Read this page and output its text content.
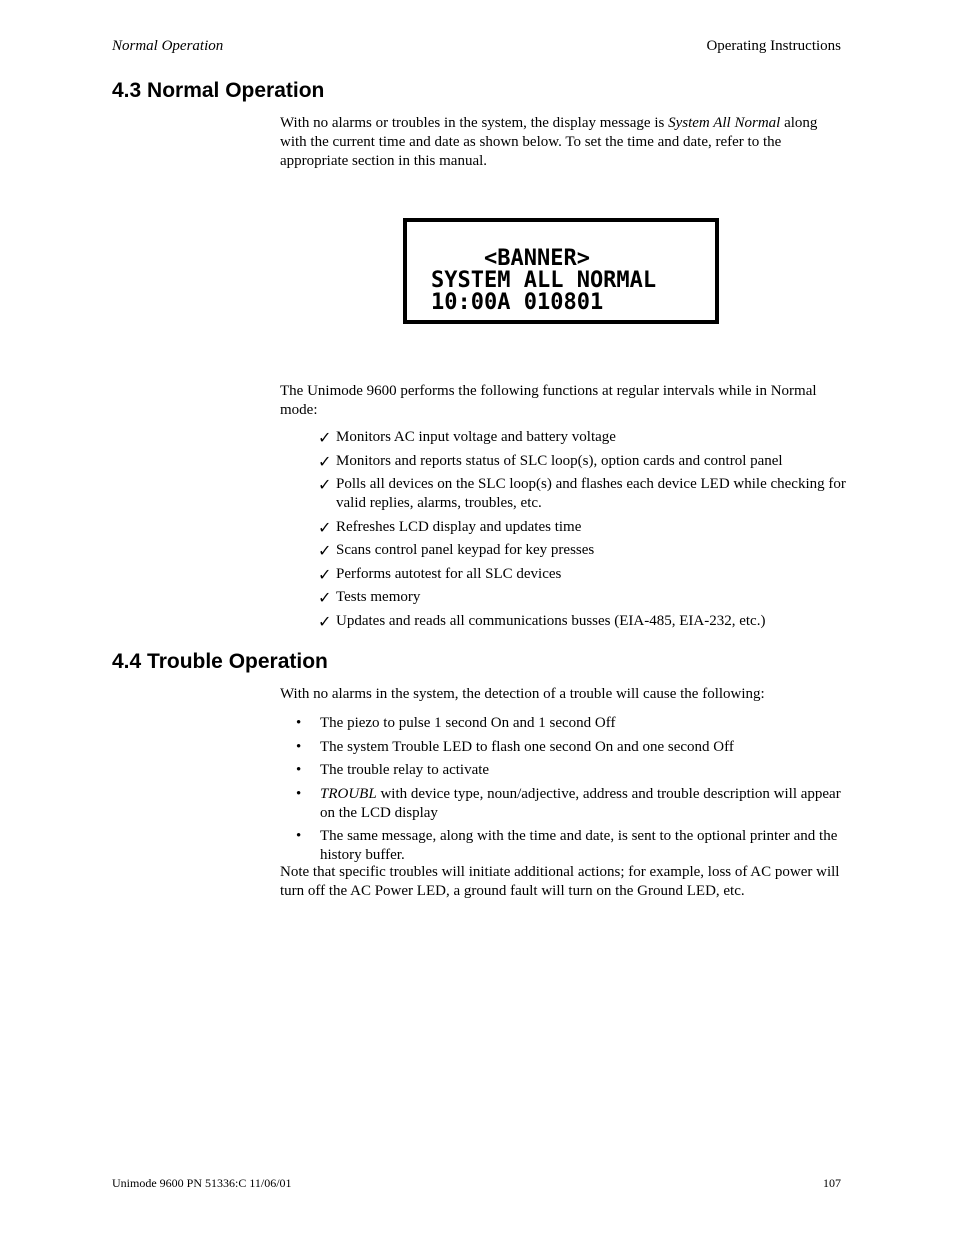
Normal Operation	Operating Instructions
4.3 Normal Operation
With no alarms or troubles in the system, the display message is System All Normal along with the current time and date as shown below. To set the time and date, refer to the appropriate section in this manual.
<BANNER>
SYSTEM ALL NORMAL
10:00A 010801
The Unimode 9600 performs the following functions at regular intervals while in Normal mode:
✓ Monitors AC input voltage and battery voltage
✓ Monitors and reports status of SLC loop(s), option cards and control panel
✓ Polls all devices on the SLC loop(s) and flashes each device LED while checking for valid replies, alarms, troubles, etc.
✓ Refreshes LCD display and updates time
✓ Scans control panel keypad for key presses
✓ Performs autotest for all SLC devices
✓ Tests memory
✓ Updates and reads all communications busses (EIA-485, EIA-232, etc.)
4.4 Trouble Operation
With no alarms in the system, the detection of a trouble will cause the following:
• The piezo to pulse 1 second On and 1 second Off
• The system Trouble LED to flash one second On and one second Off
• The trouble relay to activate
• TROUBL with device type, noun/adjective, address and trouble description will appear on the LCD display
• The same message, along with the time and date, is sent to the optional printer and the history buffer.
Note that specific troubles will initiate additional actions; for example, loss of AC power will turn off the AC Power LED, a ground fault will turn on the Ground LED, etc.
Unimode 9600 PN 51336:C 11/06/01	107
